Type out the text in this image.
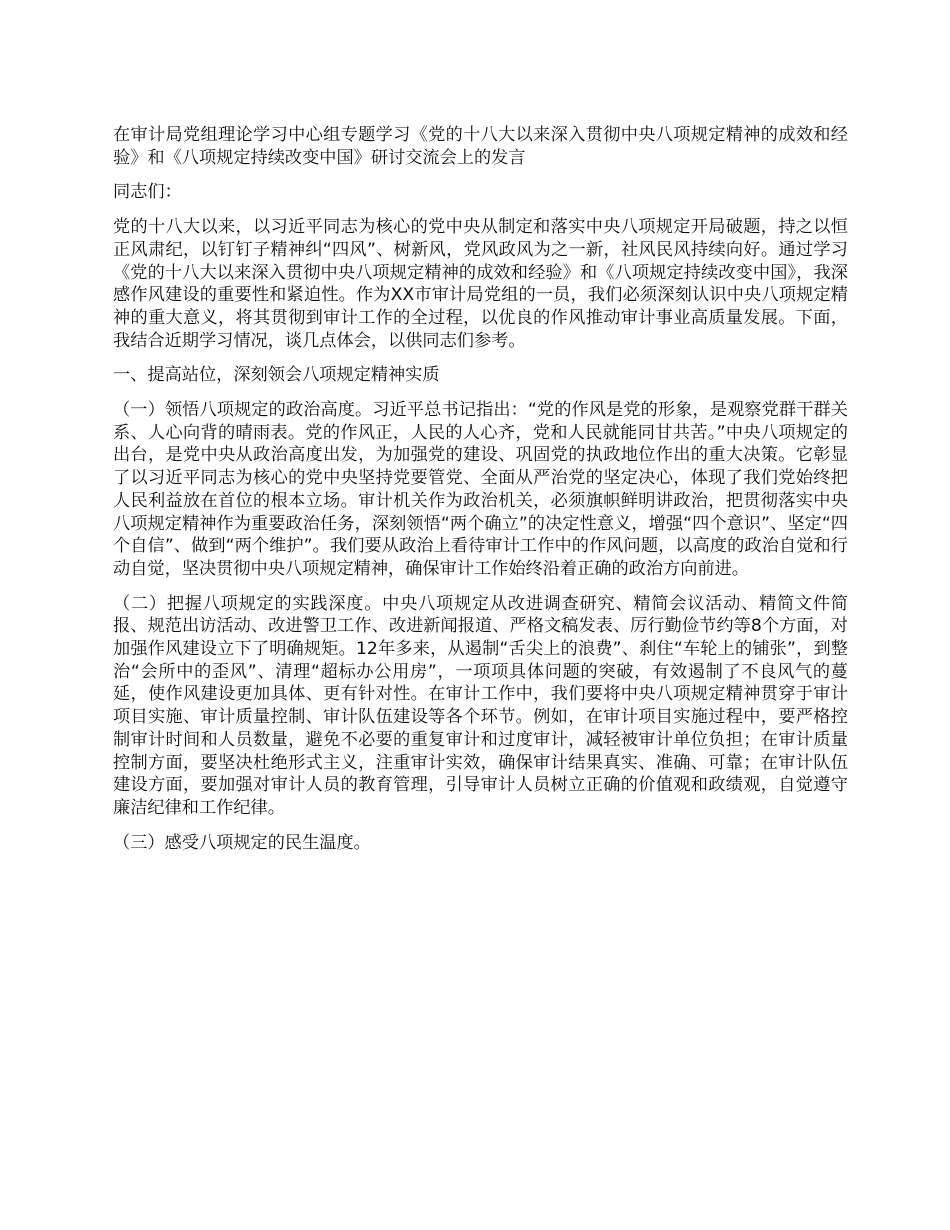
在审计局党组理论学习中心组专题学习《党的十八大以来深入贯彻中央八项规定精神的成效和经验》和《八项规定持续改变中国》研讨交流会上的发言

同志们：

党的十八大以来，以习近平同志为核心的党中央从制定和落实中央八项规定开局破题，持之以恒正风肃纪，以钉钉子精神纠“四风”、树新风，党风政风为之一新，社风民风持续向好。通过学习《党的十八大以来深入贯彻中央八项规定精神的成效和经验》和《八项规定持续改变中国》，我深感作风建设的重要性和紧迫性。作为XX市审计局党组的一员，我们必须深刻认识中央八项规定精神的重大意义，将其贯彻到审计工作的全过程，以优良的作风推动审计事业高质量发展。下面，我结合近期学习情况，谈几点体会，以供同志们参考。

一、提高站位，深刻领会八项规定精神实质

（一）领悟八项规定的政治高度。习近平总书记指出：“党的作风是党的形象，是观察党群干群关系、人心向背的晴雨表。党的作风正，人民的人心齐，党和人民就能同甘共苦。”中央八项规定的出台，是党中央从政治高度出发，为加强党的建设、巩固党的执政地位作出的重大决策。它彰显了以习近平同志为核心的党中央坚持党要管党、全面从严治党的坚定决心，体现了我们党始终把人民利益放在首位的根本立场。审计机关作为政治机关，必须旗帜鲜明讲政治，把贯彻落实中央八项规定精神作为重要政治任务，深刻领悟“两个确立”的决定性意义，增强“四个意识”、坚定“四个自信”、做到“两个维护”。我们要从政治上看待审计工作中的作风问题，以高度的政治自觉和行动自觉，坚决贯彻中央八项规定精神，确保审计工作始终沿着正确的政治方向前进。

（二）把握八项规定的实践深度。中央八项规定从改进调查研究、精简会议活动、精简文件简报、规范出访活动、改进警卫工作、改进新闻报道、严格文稿发表、厉行勤俭节约等8个方面，对加强作风建设立下了明确规矩。12年多来，从遏制“舌尖上的浪费”、刹住“车轮上的铺张”，到整治“会所中的歪风”、清理“超标办公用房”，一项项具体问题的突破，有效遏制了不良风气的蔓延，使作风建设更加具体、更有针对性。在审计工作中，我们要将中央八项规定精神贯穿于审计项目实施、审计质量控制、审计队伍建设等各个环节。例如，在审计项目实施过程中，要严格控制审计时间和人员数量，避免不必要的重复审计和过度审计，减轻被审计单位负担；在审计质量控制方面，要坚决杜绝形式主义，注重审计实效，确保审计结果真实、准确、可靠；在审计队伍建设方面，要加强对审计人员的教育管理，引导审计人员树立正确的价值观和政绩观，自觉遵守廉洁纪律和工作纪律。

（三）感受八项规定的民生温度。
